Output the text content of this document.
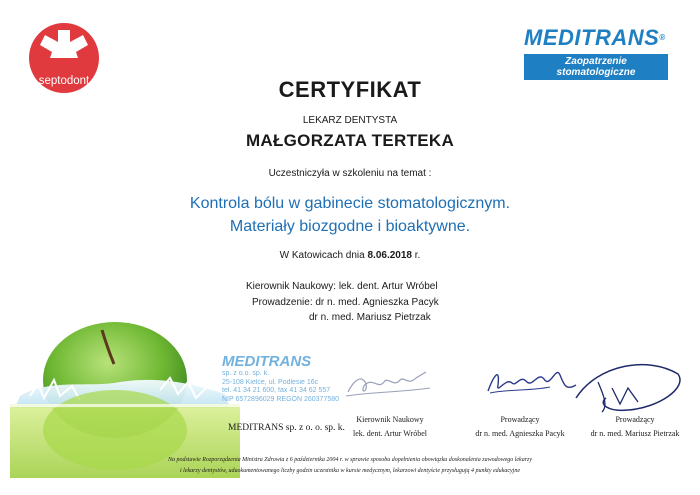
septodont
MEDITRANS®
Zaopatrzenie stomatologiczne
CERTYFIKAT
LEKARZ DENTYSTA
MAŁGORZATA TERTEKA
Uczestniczyła w szkoleniu na temat :
Kontrola bólu w gabinecie stomatologicznym.
Materiały biozgodne i bioaktywne.
W Katowicach dnia 8.06.2018 r.
Kierownik Naukowy: lek. dent. Artur Wróbel
Prowadzenie: dr n. med. Agnieszka Pacyk
dr n. med. Mariusz Pietrzak
MEDITRANS
sp. z o.o. sp. k.
25-108 Kielce, ul. Podlesie 16c
tel. 41 34 21 600, fax 41 34 62 557
NIP 6572896029 REGON 260377580
MEDITRANS sp. z o. o. sp. k.
Kierownik Naukowy
lek. dent. Artur Wróbel
Prowadzący
dr n. med. Agnieszka Pacyk
Prowadzący
dr n. med. Mariusz Pietrzak
Na podstawie Rozporządzenia Ministra Zdrowia z 6 października 2004 r. w sprawie sposobu dopełnienia obowiązku doskonalenia zawodowego lekarzy
i lekarzy dentystów, uduokumentowanego liczby godzin uczestnika w kursie medycznym, lekarzowi dentyście przysługują 4 punkty edukacyjne
